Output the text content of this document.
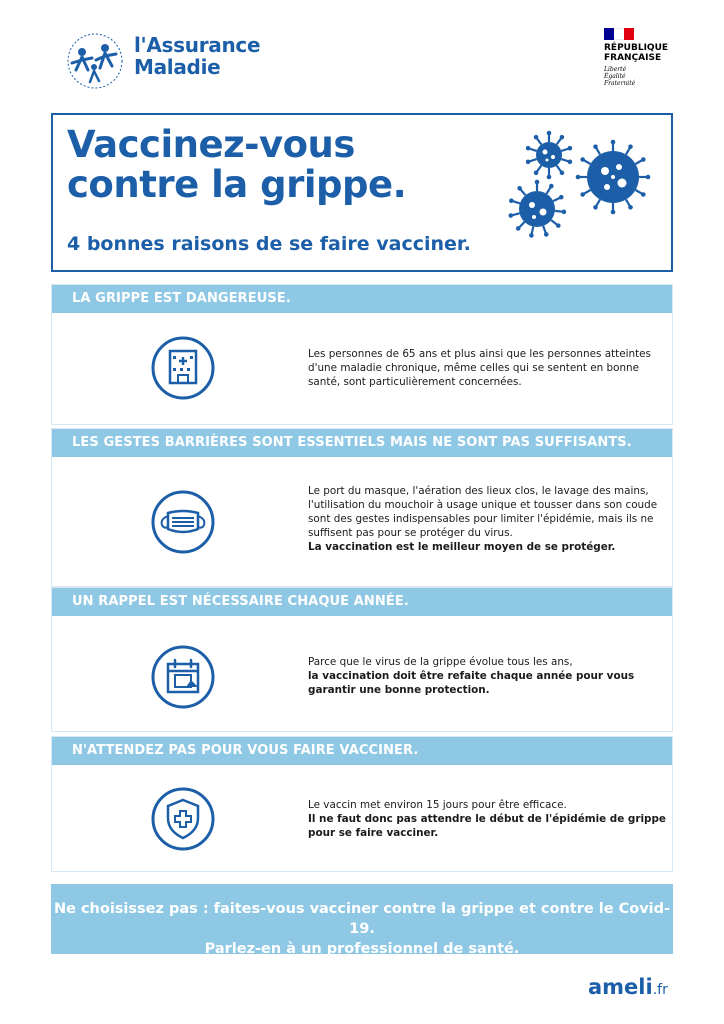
l'Assurance
Maladie
RÉPUBLIQUE
FRANÇAISE
Liberté
Égalité
Fraternité
Vaccinez-vous
contre la grippe.
4 bonnes raisons de se faire vacciner.
LA GRIPPE EST DANGEREUSE.

Les personnes de 65 ans et plus ainsi que les personnes atteintes d'une maladie chronique, même celles qui se sentent en bonne santé, sont particulièrement concernées.

LES GESTES BARRIÈRES SONT ESSENTIELS MAIS NE SONT PAS SUFFISANTS.

Le port du masque, l'aération des lieux clos, le lavage des mains, l'utilisation du mouchoir à usage unique et tousser dans son coude sont des gestes indispensables pour limiter l'épidémie, mais ils ne suffisent pas pour se protéger du virus.

La vaccination est le meilleur moyen de se protéger.

UN RAPPEL EST NÉCESSAIRE CHAQUE ANNÉE.

Parce que le virus de la grippe évolue tous les ans,

la vaccination doit être refaite chaque année pour vous garantir une bonne protection.

N'ATTENDEZ PAS POUR VOUS FAIRE VACCINER.

Le vaccin met environ 15 jours pour être efficace.

Il ne faut donc pas attendre le début de l'épidémie de grippe pour se faire vacciner.

Ne choisissez pas : faites-vous vacciner contre la grippe et contre le Covid-19.
Parlez-en à un professionnel de santé.
ameli.fr
